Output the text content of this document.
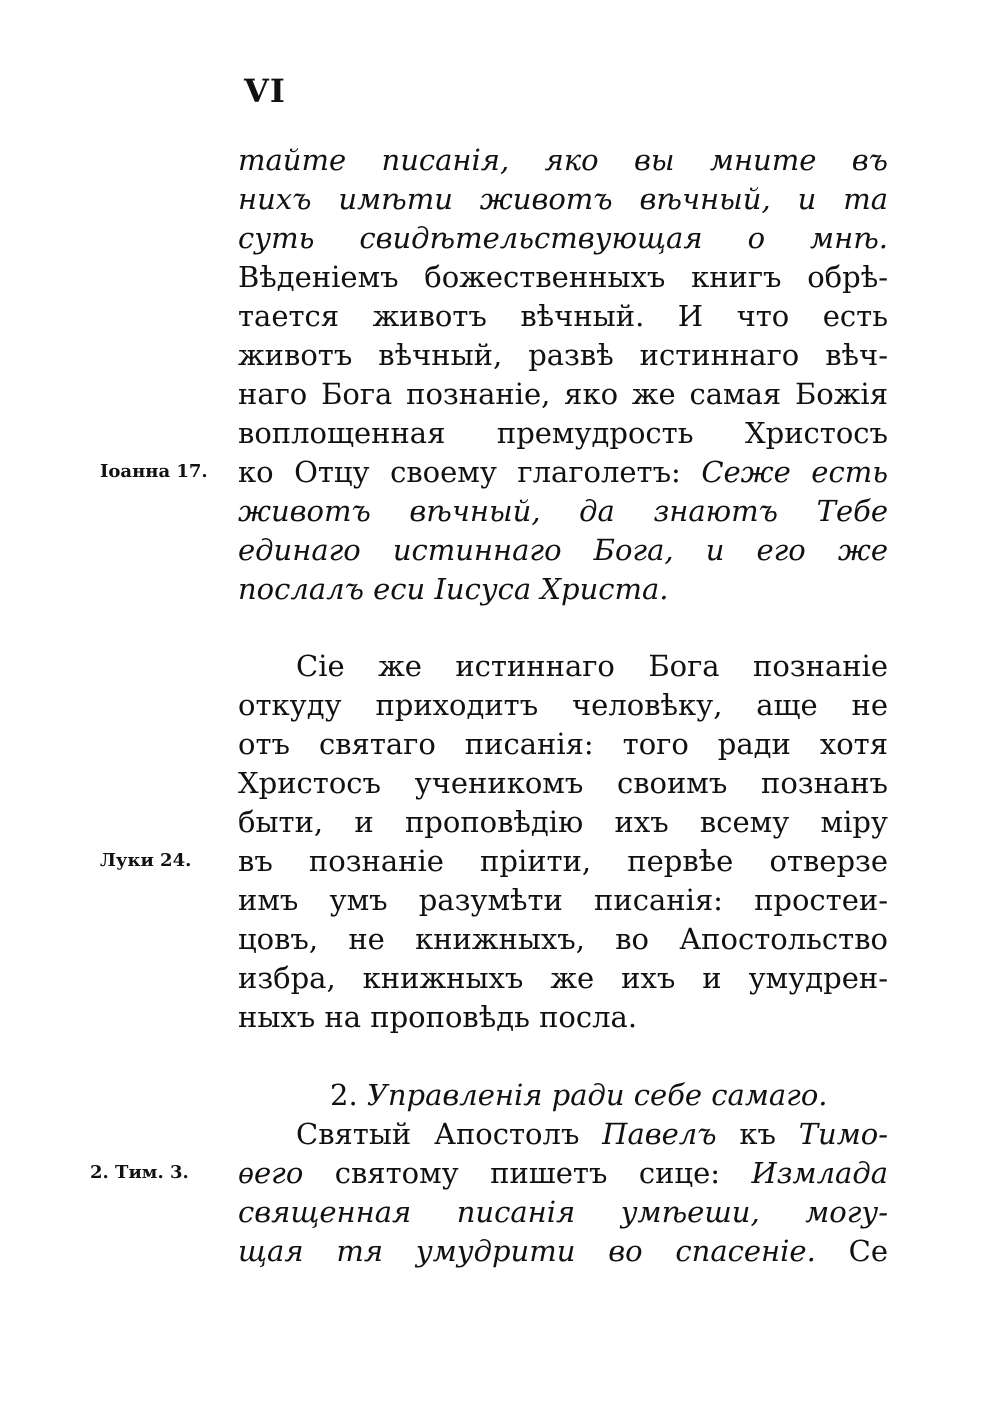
VI
тайте писанія, яко вы мните въ
нихъ имѣти животъ вѣчный, и та
суть свидѣтельствующая о мнѣ.
Вѣденіемъ божественныхъ книгъ обрѣ-
тается животъ вѣчный. И что есть
животъ вѣчный, развѣ истиннаго вѣч-
наго Бога познаніе, яко же самая Божія
воплощенная премудрость Христосъ
Іоанна 17. ко Отцу своему глаголетъ: Сеже есть
животъ вѣчный, да знаютъ Тебе
единаго истиннаго Бога, и его же
послалъ еси Іисуса Христа.
Сіе же истиннаго Бога познаніе
откуду приходитъ человѣку, аще не
отъ святаго писанія: того ради хотя
Христосъ ученикомъ своимъ познанъ
быти, и проповѣдію ихъ всему міру
Луки 24. въ познаніе пріити, первѣе отверзе
имъ умъ разумѣти писанія: простеи-
цовъ, не книжныхъ, во Апостольство
избра, книжныхъ же ихъ и умудрен-
ныхъ на проповѣдь посла.
2. Управленія ради себе самаго.
Святый Апостолъ Павелъ къ Тимо-
2. Тим. 3. ѳего святому пишетъ сице: Измлада
священная писанія умѣеши, могу-
щая тя умудрити во спасеніе. Се
